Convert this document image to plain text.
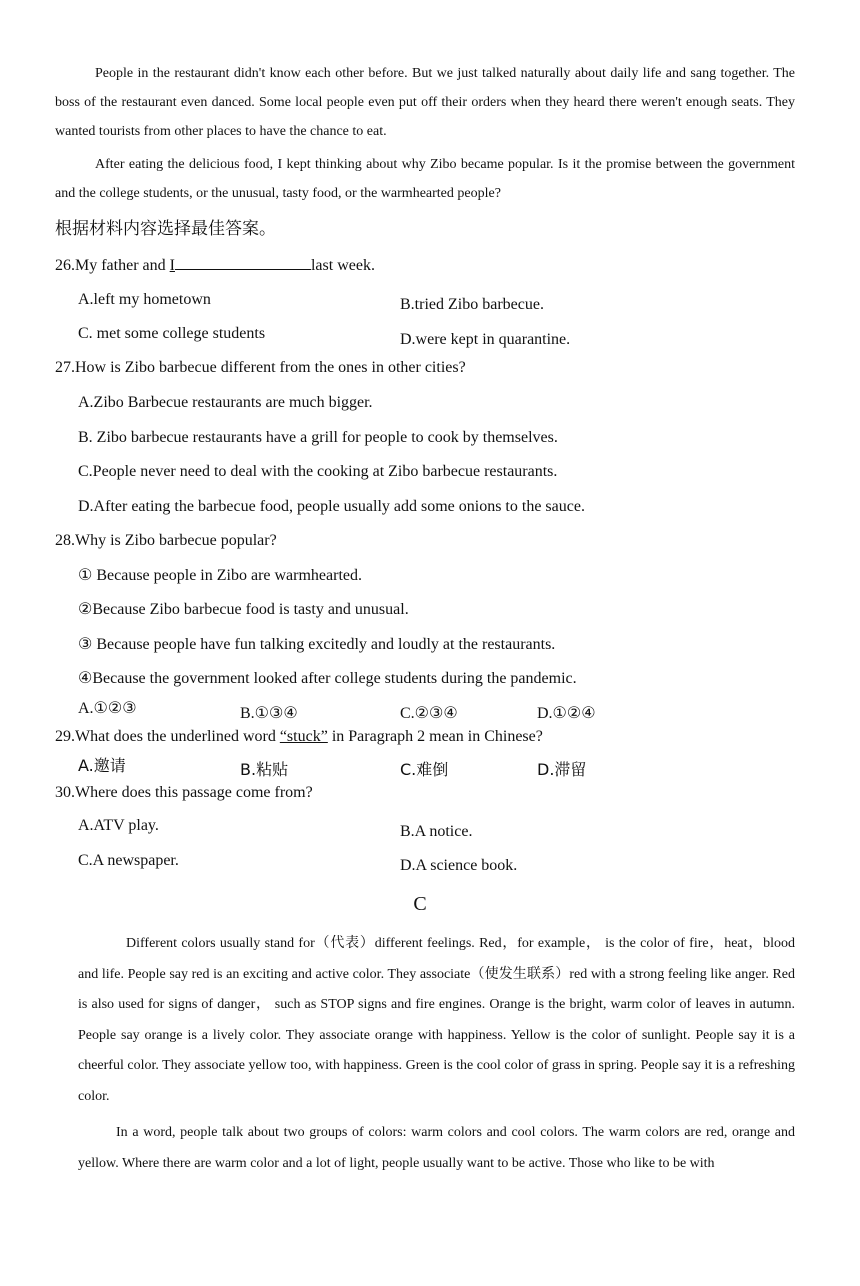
People in the restaurant didn't know each other before. But we just talked naturally about daily life and sang together. The boss of the restaurant even danced. Some local people even put off their orders when they heard there weren't enough seats. They wanted tourists from other places to have the chance to eat.
After eating the delicious food, I kept thinking about why Zibo became popular. Is it the promise between the government and the college students, or the unusual, tasty food, or the warmhearted people?
根据材料内容选择最佳答案。
26.My father and I	last week.
A.left my hometown	B.tried Zibo barbecue.
C. met some college students	D.were kept in quarantine.
27.How is Zibo barbecue different from the ones in other cities?
A.Zibo Barbecue restaurants are much bigger.
B. Zibo barbecue restaurants have a grill for people to cook by themselves.
C.People never need to deal with the cooking at Zibo barbecue restaurants.
D.After eating the barbecue food, people usually add some onions to the sauce.
28.Why is Zibo barbecue popular?
① Because people in Zibo are warmhearted.
②Because Zibo barbecue food is tasty and unusual.
③ Because people have fun talking excitedly and loudly at the restaurants.
④Because the government looked after college students during the pandemic.
A.①②③	B.①③④	C.②③④	D.①②④
29.What does the underlined word “stuck” in Paragraph 2 mean in Chinese?
A.邀请	B.粘贴	C.难倒	D.滞留
30.Where does this passage come from?
A.ATV play.	B.A notice.
C.A newspaper.	D.A science book.
C
Different colors usually stand for（代表）different feelings. Red，for example， is the color of fire，heat，blood and life. People say red is an exciting and active color. They associate（使发生联系）red with a strong feeling like anger. Red is also used for signs of danger， such as STOP signs and fire engines. Orange is the bright, warm color of leaves in autumn. People say orange is a lively color. They associate orange with happiness. Yellow is the color of sunlight. People say it is a cheerful color. They associate yellow too, with happiness. Green is the cool color of grass in spring. People say it is a refreshing color.
In a word, people talk about two groups of colors: warm colors and cool colors. The warm colors are red, orange and yellow. Where there are warm color and a lot of light, people usually want to be active. Those who like to be with
